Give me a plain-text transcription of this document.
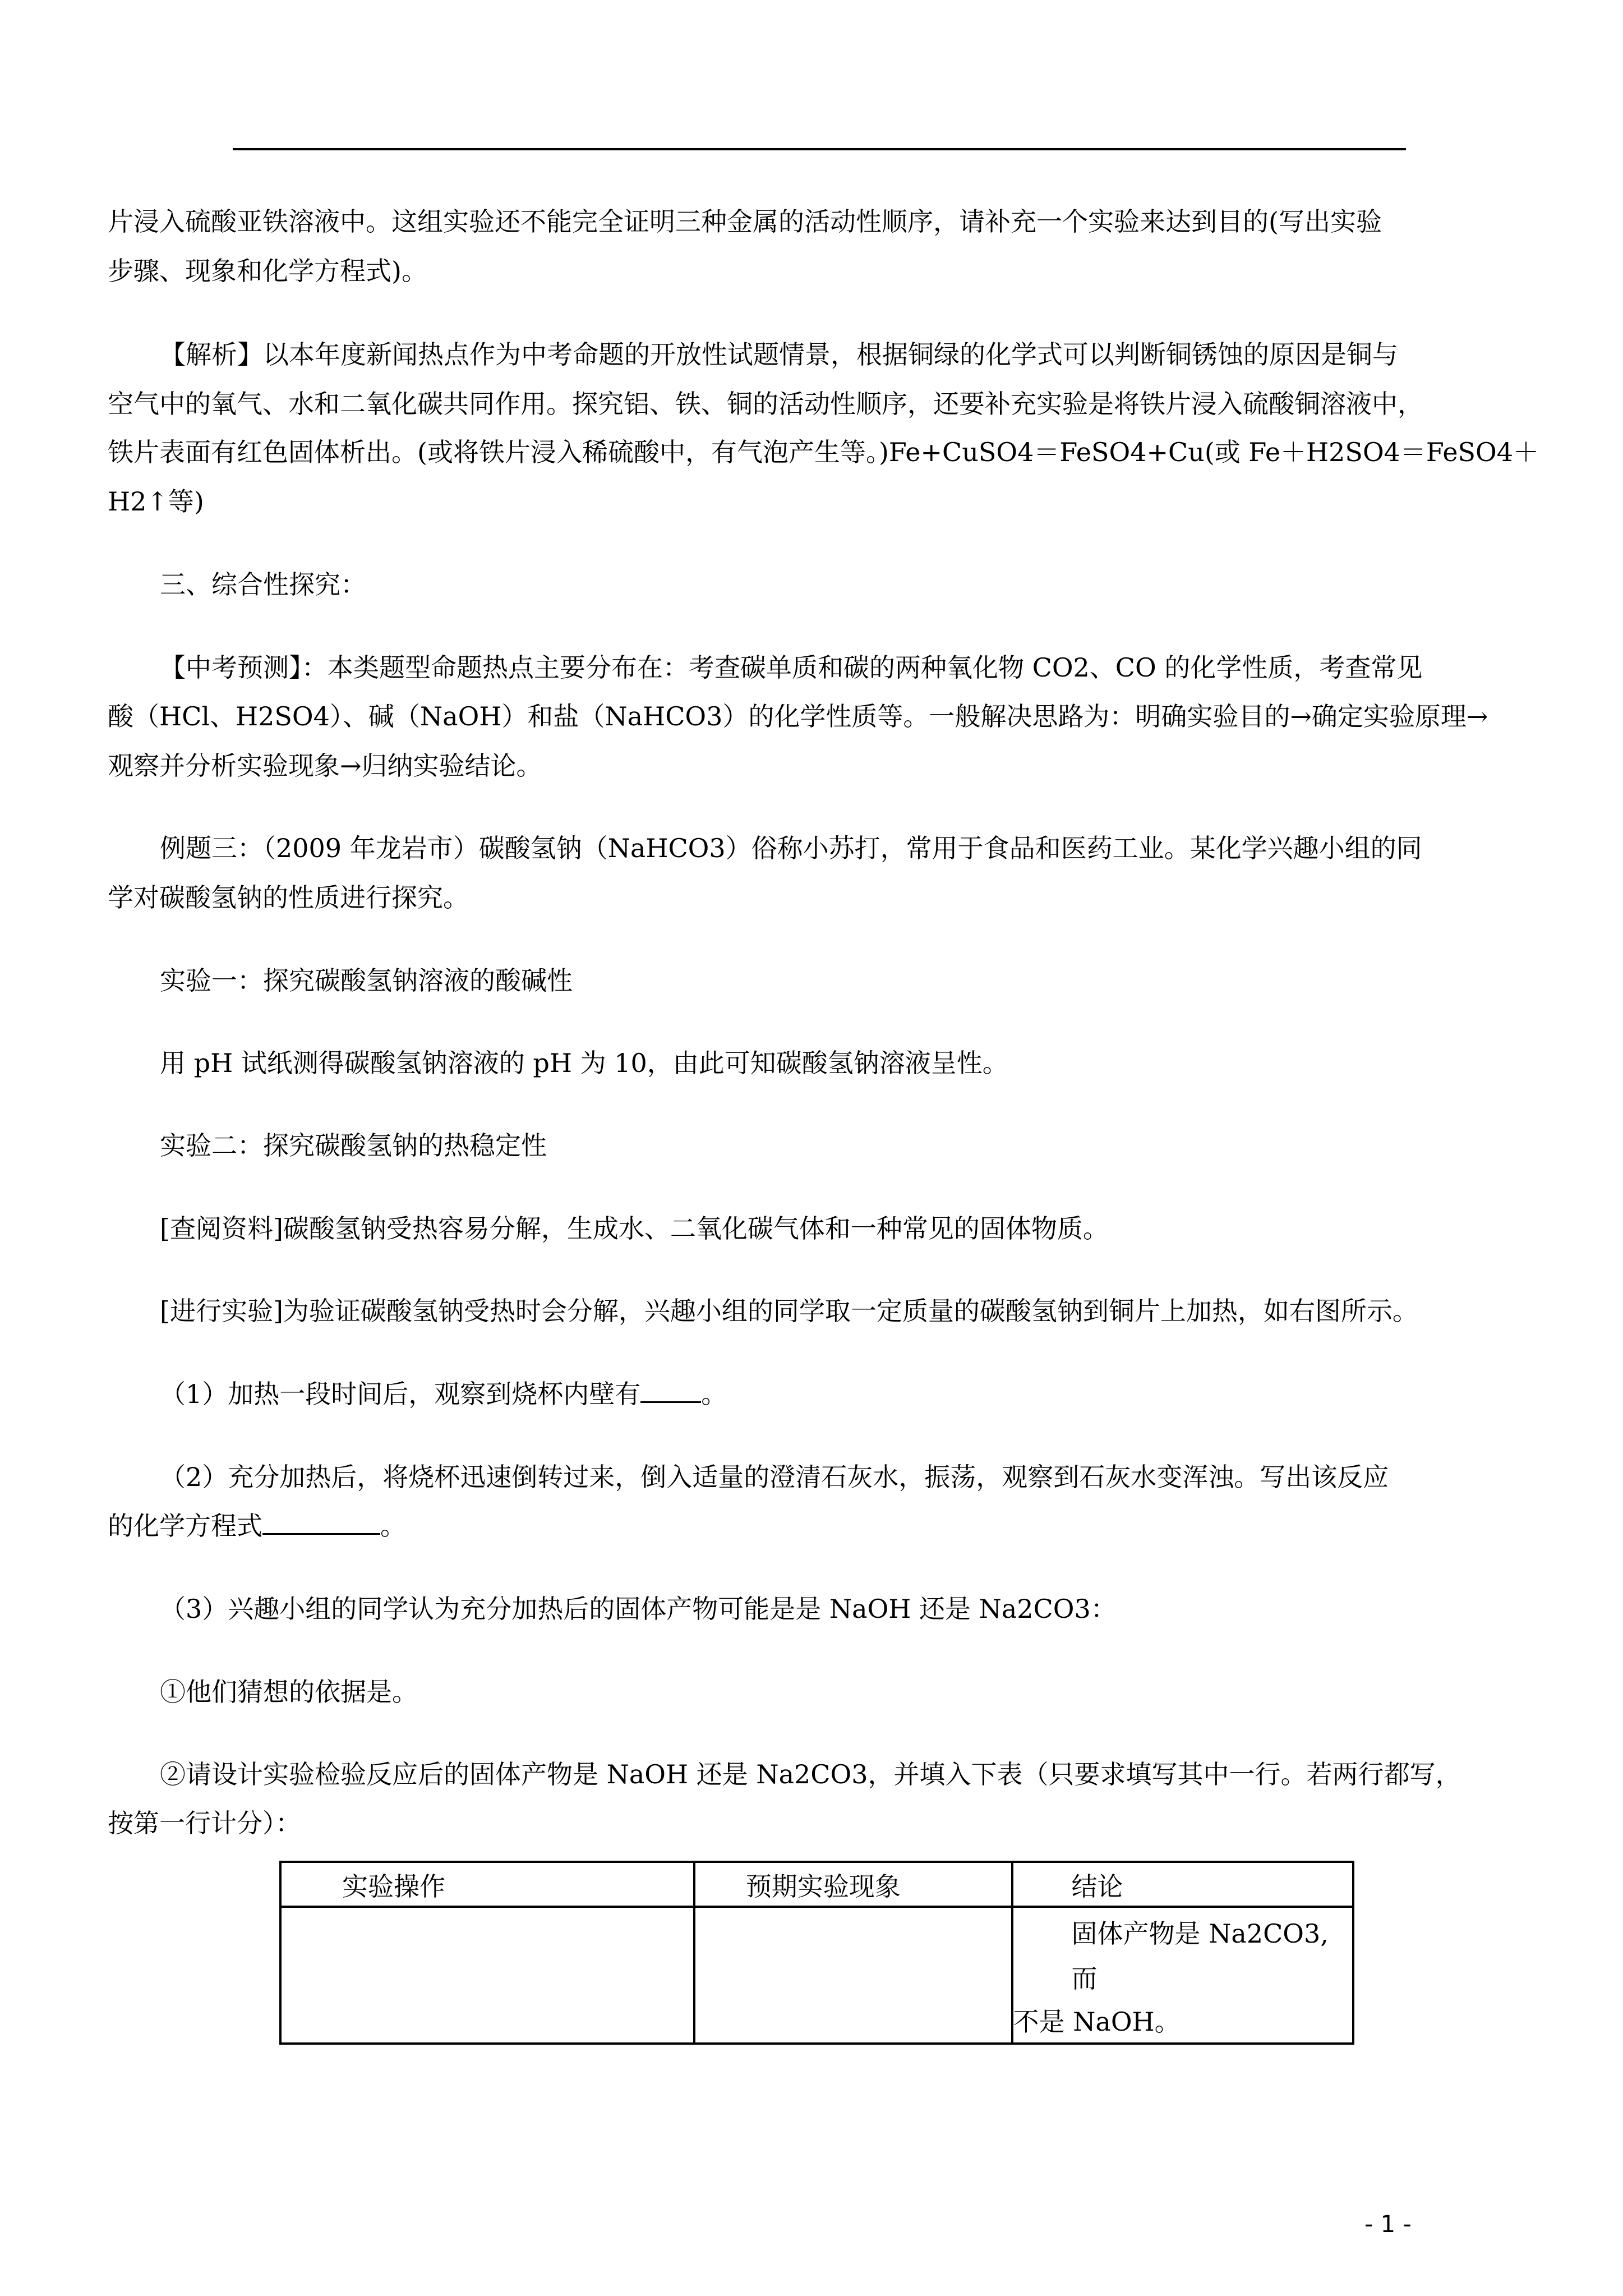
片浸入硫酸亚铁溶液中。这组实验还不能完全证明三种金属的活动性顺序，请补充一个实验来达到目的(写出实验
步骤、现象和化学方程式)。
【解析】以本年度新闻热点作为中考命题的开放性试题情景，根据铜绿的化学式可以判断铜锈蚀的原因是铜与
空气中的氧气、水和二氧化碳共同作用。探究铝、铁、铜的活动性顺序，还要补充实验是将铁片浸入硫酸铜溶液中，
铁片表面有红色固体析出。(或将铁片浸入稀硫酸中，有气泡产生等。)Fe+CuSO4＝FeSO4+Cu(或 Fe＋H2SO4＝FeSO4＋
H2↑等)
三、综合性探究：
【中考预测】：本类题型命题热点主要分布在：考查碳单质和碳的两种氧化物 CO2、CO 的化学性质，考查常见
酸（HCl、H2SO4）、碱（NaOH）和盐（NaHCO3）的化学性质等。一般解决思路为：明确实验目的→确定实验原理→
观察并分析实验现象→归纳实验结论。
例题三：（2009 年龙岩市）碳酸氢钠（NaHCO3）俗称小苏打，常用于食品和医药工业。某化学兴趣小组的同
学对碳酸氢钠的性质进行探究。
实验一：探究碳酸氢钠溶液的酸碱性
用 pH 试纸测得碳酸氢钠溶液的 pH 为 10，由此可知碳酸氢钠溶液呈性。
实验二：探究碳酸氢钠的热稳定性
[查阅资料]碳酸氢钠受热容易分解，生成水、二氧化碳气体和一种常见的固体物质。
[进行实验]为验证碳酸氢钠受热时会分解，兴趣小组的同学取一定质量的碳酸氢钠到铜片上加热，如右图所示。
（1）加热一段时间后，观察到烧杯内壁有 。
（2）充分加热后，将烧杯迅速倒转过来，倒入适量的澄清石灰水，振荡，观察到石灰水变浑浊。写出该反应
的化学方程式	。
（3）兴趣小组的同学认为充分加热后的固体产物可能是是 NaOH 还是 Na2CO3：
①他们猜想的依据是。
②请设计实验检验反应后的固体产物是 NaOH 还是 Na2CO3，并填入下表（只要求填写其中一行。若两行都写，
按第一行计分）：
实验操作	预期实验现象	结论

		固体产物是 Na2CO3,而
不是 NaOH。
- 1 -
